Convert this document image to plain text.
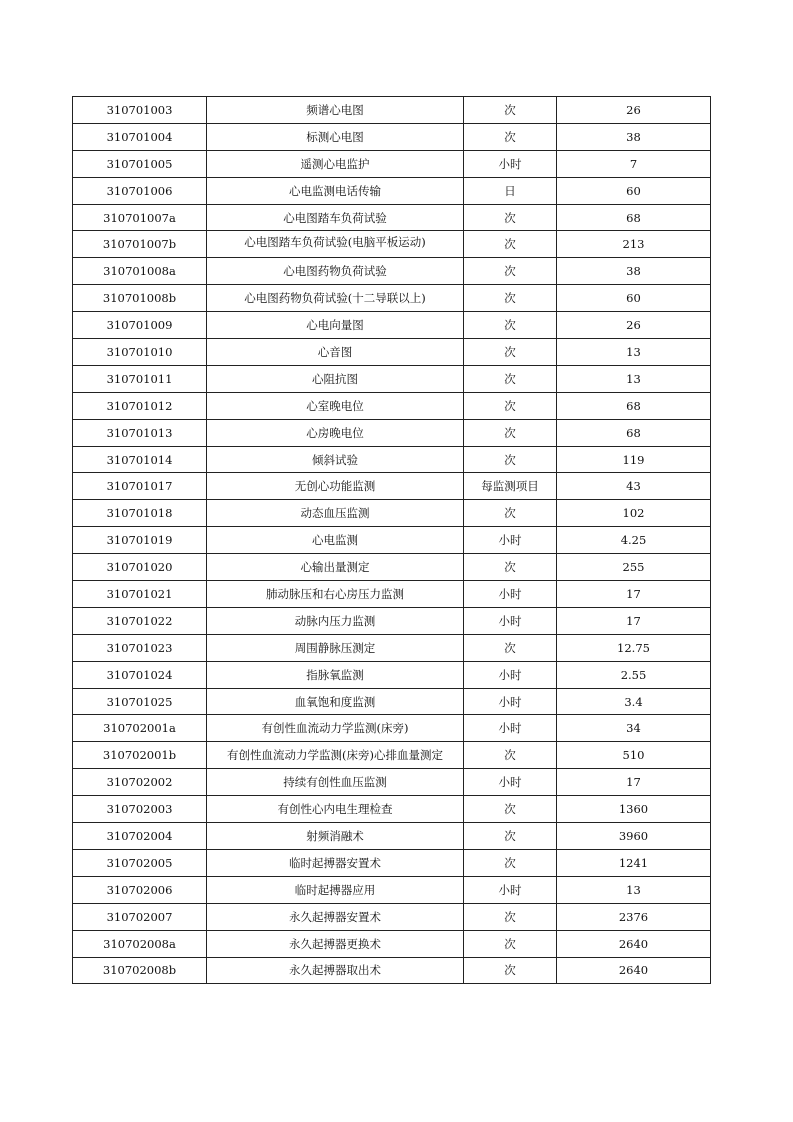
310701003	频谱心电图	次	26
310701004	标测心电图	次	38
310701005	遥测心电监护	小时	7
310701006	心电监测电话传输	日	60
310701007a	心电图踏车负荷试验	次	68
310701007b	心电图踏车负荷试验(电脑平板运动)	次	213
310701008a	心电图药物负荷试验	次	38
310701008b	心电图药物负荷试验(十二导联以上)	次	60
310701009	心电向量图	次	26
310701010	心音图	次	13
310701011	心阻抗图	次	13
310701012	心室晚电位	次	68
310701013	心房晚电位	次	68
310701014	倾斜试验	次	119
310701017	无创心功能监测	每监测项目	43
310701018	动态血压监测	次	102
310701019	心电监测	小时	4.25
310701020	心输出量测定	次	255
310701021	肺动脉压和右心房压力监测	小时	17
310701022	动脉内压力监测	小时	17
310701023	周围静脉压测定	次	12.75
310701024	指脉氧监测	小时	2.55
310701025	血氧饱和度监测	小时	3.4
310702001a	有创性血流动力学监测(床旁)	小时	34
310702001b	有创性血流动力学监测(床旁)心排血量测定	次	510
310702002	持续有创性血压监测	小时	17
310702003	有创性心内电生理检查	次	1360
310702004	射频消融术	次	3960
310702005	临时起搏器安置术	次	1241
310702006	临时起搏器应用	小时	13
310702007	永久起搏器安置术	次	2376
310702008a	永久起搏器更换术	次	2640
310702008b	永久起搏器取出术	次	2640
